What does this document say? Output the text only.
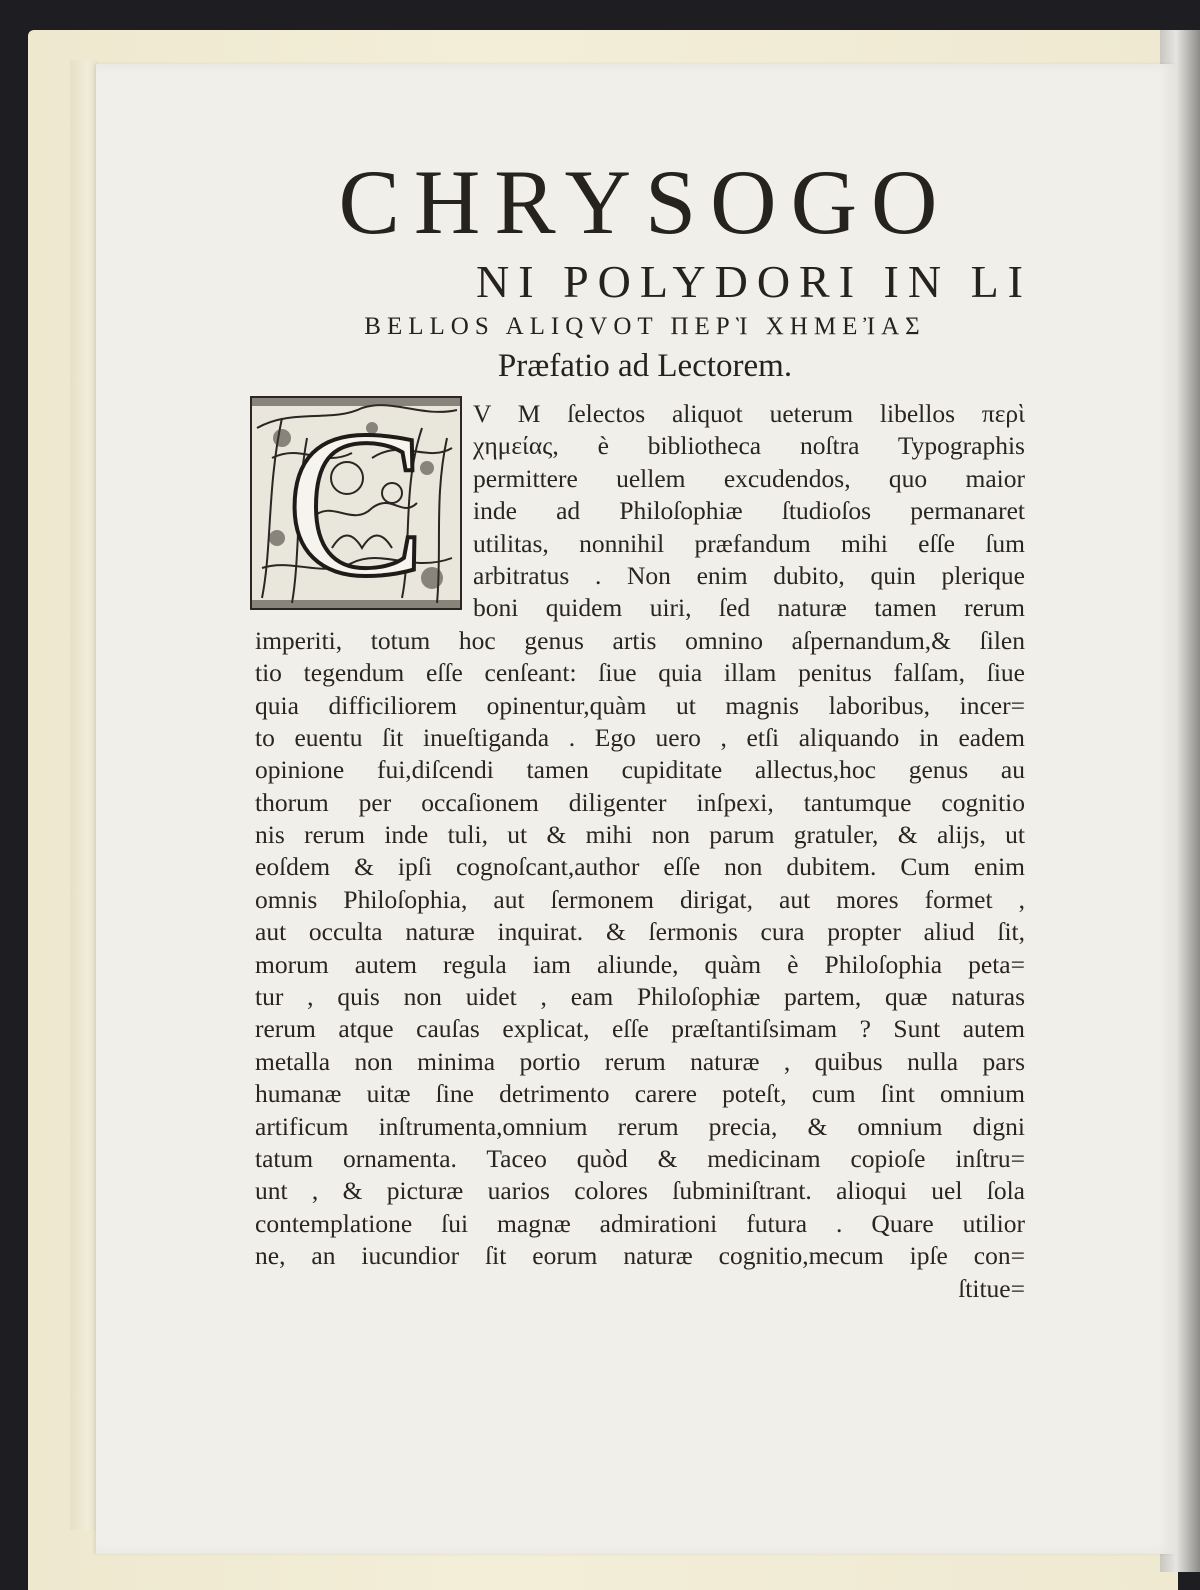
CHRYSOGO
NI POLYDORI IN LI
BELLOS ALIQVOT ΠΕΡῚ ΧΗΜΕἸΑΣ
Præfatio ad Lectorem.
C	V M ſelectos aliquot ueterum libellos περὶ
χημείας, è bibliotheca noſtra Typographis
permittere uellem excudendos, quo maior
inde ad Philoſophiæ ſtudioſos permanaret
utilitas, nonnihil præfandum mihi eſſe ſum
arbitratus . Non enim dubito, quin plerique
boni quidem uiri, ſed naturæ tamen rerum
imperiti, totum hoc genus artis omnino aſpernandum,& ſilen
tio tegendum eſſe cenſeant: ſiue quia illam penitus falſam, ſiue
quia difficiliorem opinentur,quàm ut magnis laboribus, incer=
to euentu ſit inueſtiganda . Ego uero , etſi aliquando in eadem
opinione fui,diſcendi tamen cupiditate allectus,hoc genus au
thorum per occaſionem diligenter inſpexi, tantumque cognitio
nis rerum inde tuli, ut & mihi non parum gratuler, & alijs, ut
eoſdem & ipſi cognoſcant,author eſſe non dubitem. Cum enim
omnis Philoſophia, aut ſermonem dirigat, aut mores formet ,
aut occulta naturæ inquirat. & ſermonis cura propter aliud ſit,
morum autem regula iam aliunde, quàm è Philoſophia peta=
tur , quis non uidet , eam Philoſophiæ partem, quæ naturas
rerum atque cauſas explicat, eſſe præſtantiſsimam ? Sunt autem
metalla non minima portio rerum naturæ , quibus nulla pars
humanæ uitæ ſine detrimento carere poteſt, cum ſint omnium
artificum inſtrumenta,omnium rerum precia, & omnium digni
tatum ornamenta. Taceo quòd & medicinam copioſe inſtru=
unt , & picturæ uarios colores ſubminiſtrant. alioqui uel ſola
contemplatione ſui magnæ admirationi futura . Quare utilior
ne, an iucundior ſit eorum naturæ cognitio,mecum ipſe con=
ſtitue=
